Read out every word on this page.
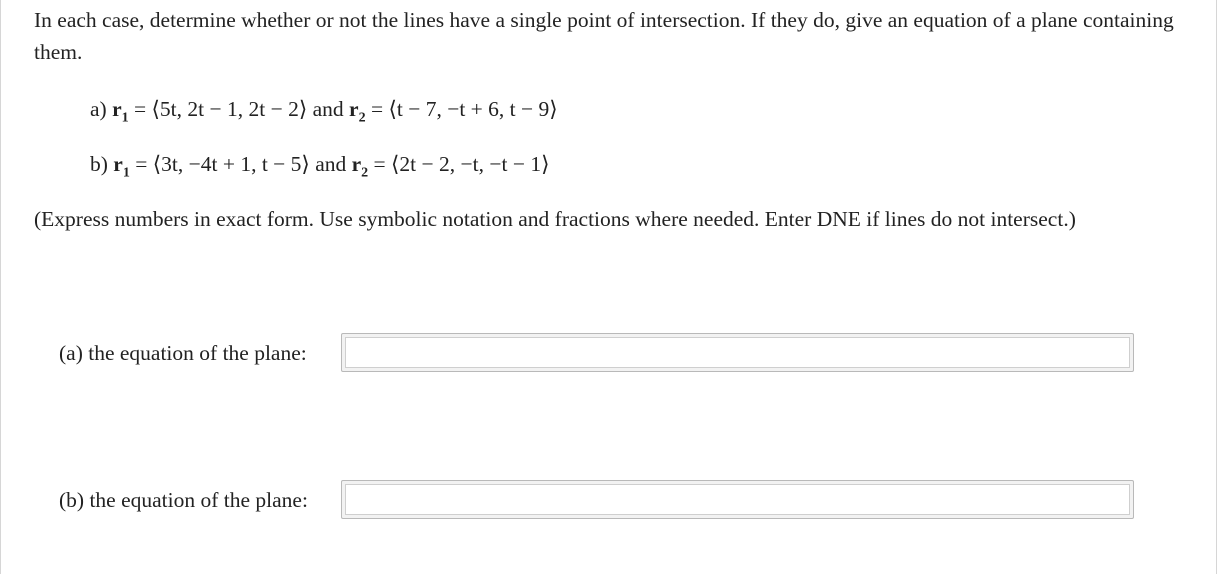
In each case, determine whether or not the lines have a single point of intersection. If they do, give an equation of a plane containing them.
a) $r_1$ = ⟨5t, 2t − 1, 2t − 2⟩ and $r_2$ = ⟨t − 7, −t + 6, t − 9⟩
b) $r_1$ = ⟨3t, −4t + 1, t − 5⟩ and $r_2$ = ⟨2t − 2, −t, −t − 1⟩
(Express numbers in exact form. Use symbolic notation and fractions where needed. Enter DNE if lines do not intersect.)
(a) the equation of the plane:
(b) the equation of the plane:
